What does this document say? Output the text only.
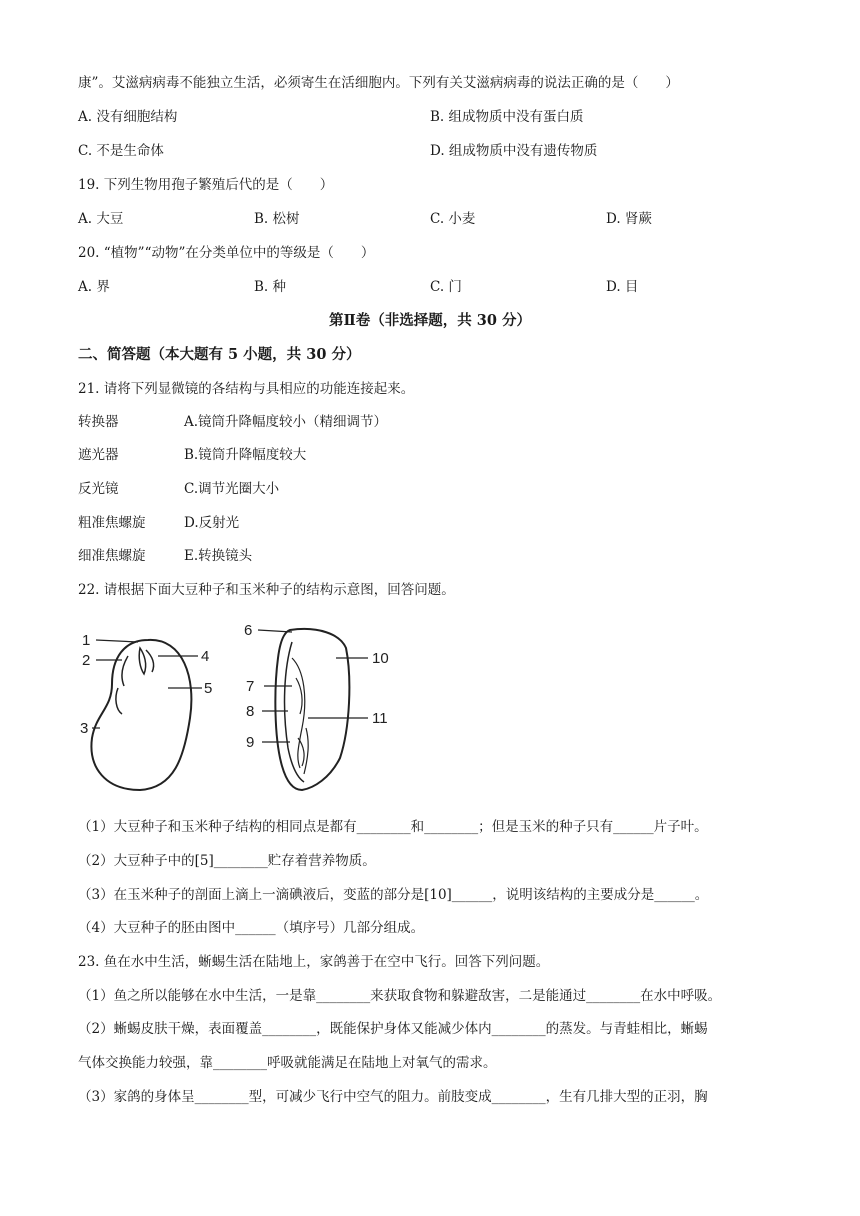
康”。艾滋病病毒不能独立生活，必须寄生在活细胞内。下列有关艾滋病病毒的说法正确的是（　　）
A. 没有细胞结构	B. 组成物质中没有蛋白质
C. 不是生命体	D. 组成物质中没有遗传物质
19. 下列生物用孢子繁殖后代的是（　　）
A. 大豆	B. 松树	C. 小麦	D. 肾蕨
20. “植物”“动物”在分类单位中的等级是（　　）
A. 界	B. 种	C. 门	D. 目
第Ⅱ卷（非选择题，共 30 分）
二、简答题（本大题有 5 小题，共 30 分）
21. 请将下列显微镜的各结构与具相应的功能连接起来。
转换器	A.镜筒升降幅度较小（精细调节）
遮光器	B.镜筒升降幅度较大
反光镜	C.调节光圈大小
粗准焦螺旋	D.反射光
细准焦螺旋	E.转换镜头
22. 请根据下面大豆种子和玉米种子的结构示意图，回答问题。
1
2
3
4
5
6
7
8
9
10
11
（1）大豆种子和玉米种子结构的相同点是都有________和________；但是玉米的种子只有______片子叶。
（2）大豆种子中的[5]________贮存着营养物质。
（3）在玉米种子的剖面上滴上一滴碘液后，变蓝的部分是[10]______，说明该结构的主要成分是______。
（4）大豆种子的胚由图中______（填序号）几部分组成。
23. 鱼在水中生活，蜥蜴生活在陆地上，家鸽善于在空中飞行。回答下列问题。
（1）鱼之所以能够在水中生活，一是靠________来获取食物和躲避敌害，二是能通过________在水中呼吸。
（2）蜥蜴皮肤干燥，表面覆盖________，既能保护身体又能减少体内________的蒸发。与青蛙相比，蜥蜴
气体交换能力较强，靠________呼吸就能满足在陆地上对氧气的需求。
（3）家鸽的身体呈________型，可减少飞行中空气的阻力。前肢变成________，生有几排大型的正羽，胸
